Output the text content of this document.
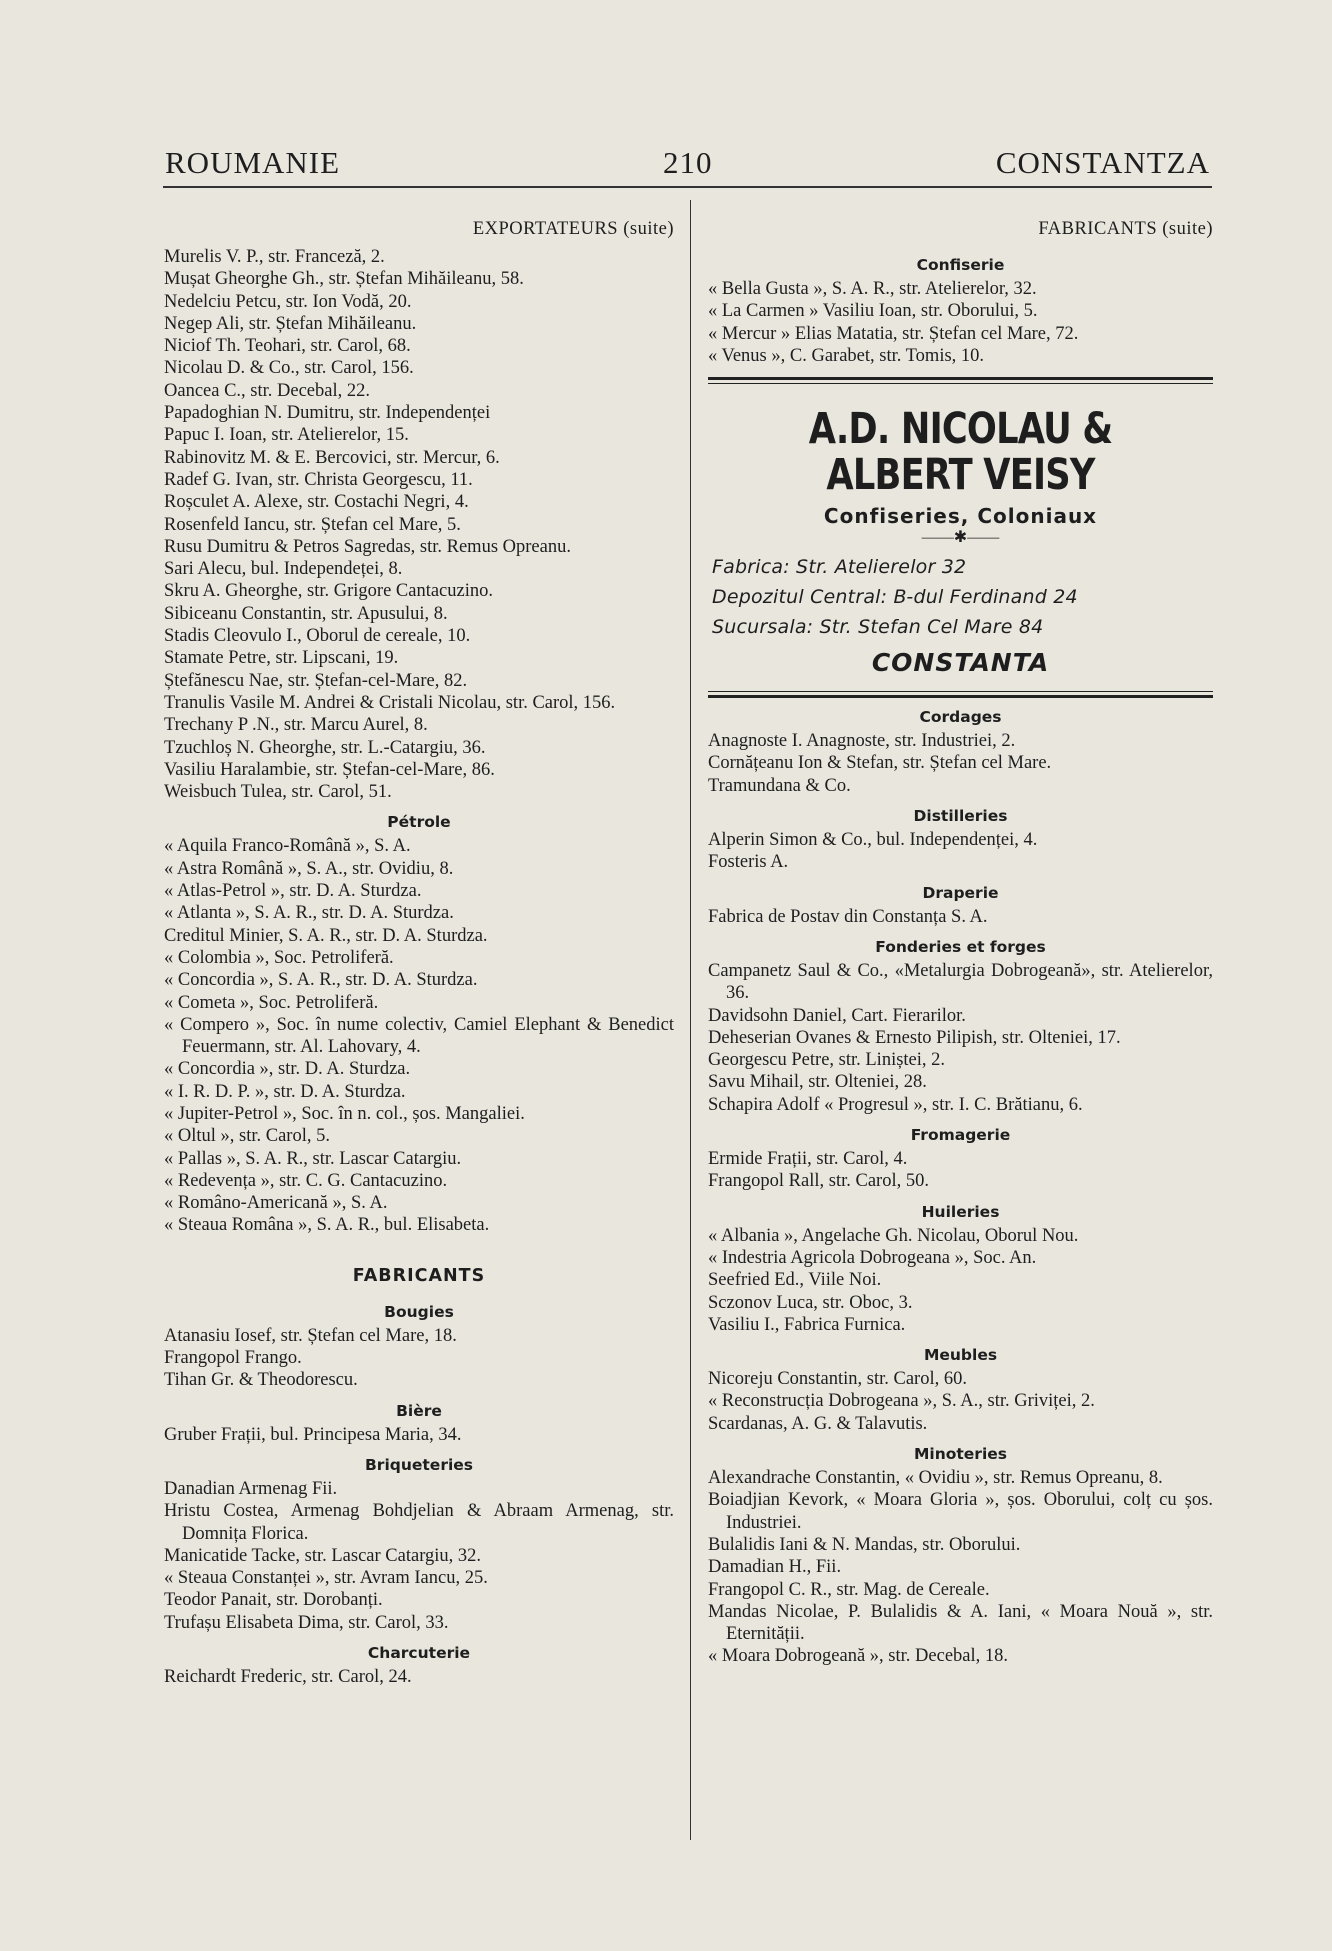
ROUMANIE	210	CONSTANTZA
EXPORTATEURS (suite)
Murelis V. P., str. Franceză, 2.
Mușat Gheorghe Gh., str. Ștefan Mihăileanu, 58.
Nedelciu Petcu, str. Ion Vodă, 20.
Negep Ali, str. Ștefan Mihăileanu.
Niciof Th. Teohari, str. Carol, 68.
Nicolau D. & Co., str. Carol, 156.
Oancea C., str. Decebal, 22.
Papadoghian N. Dumitru, str. Independenței
Papuc I. Ioan, str. Atelierelor, 15.
Rabinovitz M. & E. Bercovici, str. Mercur, 6.
Radef G. Ivan, str. Christa Georgescu, 11.
Roșculet A. Alexe, str. Costachi Negri, 4.
Rosenfeld Iancu, str. Ștefan cel Mare, 5.
Rusu Dumitru & Petros Sagredas, str. Remus Opreanu.
Sari Alecu, bul. Independeței, 8.
Skru A. Gheorghe, str. Grigore Cantacuzino.
Sibiceanu Constantin, str. Apusului, 8.
Stadis Cleovulo I., Oborul de cereale, 10.
Stamate Petre, str. Lipscani, 19.
Ștefănescu Nae, str. Ștefan-cel-Mare, 82.
Tranulis Vasile M. Andrei & Cristali Nicolau, str. Carol, 156.
Trechany P .N., str. Marcu Aurel, 8.
Tzuchloș N. Gheorghe, str. L.-Catargiu, 36.
Vasiliu Haralambie, str. Ștefan-cel-Mare, 86.
Weisbuch Tulea, str. Carol, 51.
Pétrole
« Aquila Franco-Română », S. A.
« Astra Română », S. A., str. Ovidiu, 8.
« Atlas-Petrol », str. D. A. Sturdza.
« Atlanta », S. A. R., str. D. A. Sturdza.
Creditul Minier, S. A. R., str. D. A. Sturdza.
« Colombia », Soc. Petroliferă.
« Concordia », S. A. R., str. D. A. Sturdza.
« Cometa », Soc. Petroliferă.
« Compero », Soc. în nume colectiv, Camiel Elephant & Benedict Feuermann, str. Al. Lahovary, 4.
« Concordia », str. D. A. Sturdza.
« I. R. D. P. », str. D. A. Sturdza.
« Jupiter-Petrol », Soc. în n. col., șos. Mangaliei.
« Oltul », str. Carol, 5.
« Pallas », S. A. R., str. Lascar Catargiu.
« Redevența », str. C. G. Cantacuzino.
« Româno-Americană », S. A.
« Steaua Româna », S. A. R., bul. Elisabeta.
FABRICANTS
Bougies
Atanasiu Iosef, str. Ștefan cel Mare, 18.
Frangopol Frango.
Tihan Gr. & Theodorescu.
Bière
Gruber Frații, bul. Principesa Maria, 34.
Briqueteries
Danadian Armenag Fii.
Hristu Costea, Armenag Bohdjelian & Abraam Armenag, str. Domnița Florica.
Manicatide Tacke, str. Lascar Catargiu, 32.
« Steaua Constanței », str. Avram Iancu, 25.
Teodor Panait, str. Dorobanți.
Trufașu Elisabeta Dima, str. Carol, 33.
Charcuterie
Reichardt Frederic, str. Carol, 24.
FABRICANTS (suite)
Confiserie
« Bella Gusta », S. A. R., str. Atelierelor, 32.
« La Carmen » Vasiliu Ioan, str. Oborului, 5.
« Mercur » Elias Matatia, str. Ștefan cel Mare, 72.
« Venus », C. Garabet, str. Tomis, 10.
A.D. NICOLAU & ALBERT VEISY
Confiseries, Coloniaux
——✱——
Fabrica: Str. Atelierelor 32
Depozitul Central: B-dul Ferdinand 24
Sucursala: Str. Stefan Cel Mare 84
CONSTANTA
Cordages
Anagnoste I. Anagnoste, str. Industriei, 2.
Cornățeanu Ion & Stefan, str. Ștefan cel Mare.
Tramundana & Co.
Distilleries
Alperin Simon & Co., bul. Independenței, 4.
Fosteris A.
Draperie
Fabrica de Postav din Constanța S. A.
Fonderies et forges
Campanetz Saul & Co., «Metalurgia Dobrogeană», str. Atelierelor, 36.
Davidsohn Daniel, Cart. Fierarilor.
Deheserian Ovanes & Ernesto Pilipish, str. Olteniei, 17.
Georgescu Petre, str. Liniștei, 2.
Savu Mihail, str. Olteniei, 28.
Schapira Adolf « Progresul », str. I. C. Brătianu, 6.
Fromagerie
Ermide Frații, str. Carol, 4.
Frangopol Rall, str. Carol, 50.
Huileries
« Albania », Angelache Gh. Nicolau, Oborul Nou.
« Indestria Agricola Dobrogeana », Soc. An.
Seefried Ed., Viile Noi.
Sczonov Luca, str. Oboc, 3.
Vasiliu I., Fabrica Furnica.
Meubles
Nicoreju Constantin, str. Carol, 60.
« Reconstrucția Dobrogeana », S. A., str. Griviței, 2.
Scardanas, A. G. & Talavutis.
Minoteries
Alexandrache Constantin, « Ovidiu », str. Remus Opreanu, 8.
Boiadjian Kevork, « Moara Gloria », șos. Oborului, colț cu șos. Industriei.
Bulalidis Iani & N. Mandas, str. Oborului.
Damadian H., Fii.
Frangopol C. R., str. Mag. de Cereale.
Mandas Nicolae, P. Bulalidis & A. Iani, « Moara Nouă », str. Eternității.
« Moara Dobrogeană », str. Decebal, 18.
